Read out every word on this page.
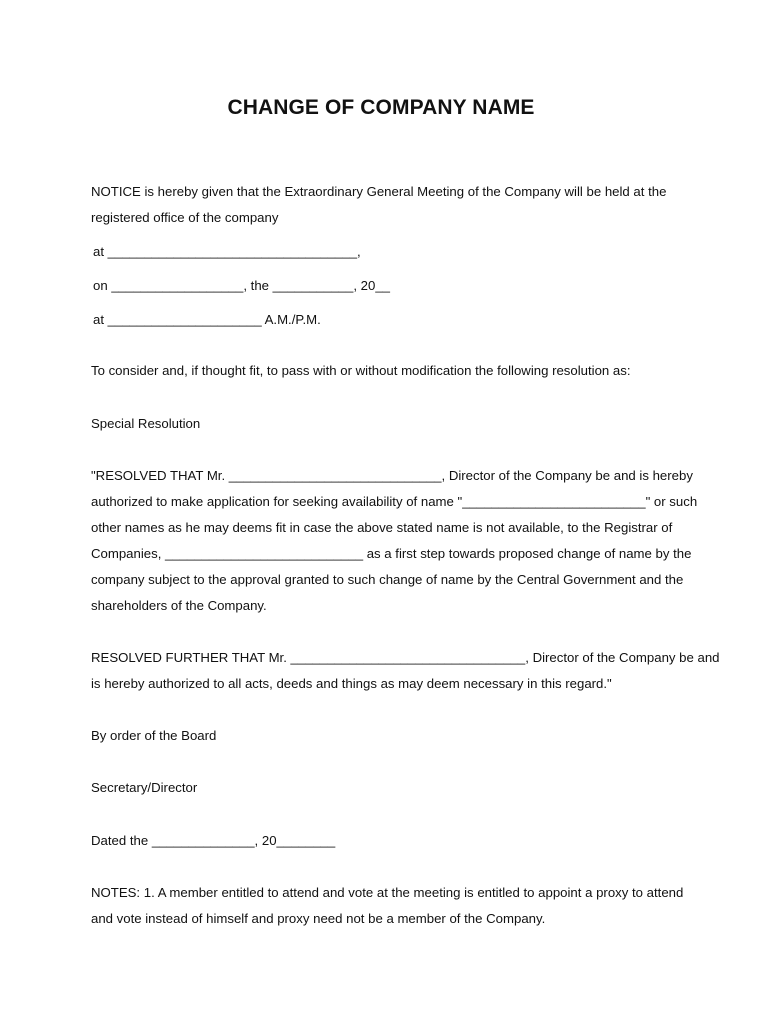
CHANGE OF COMPANY NAME
NOTICE is hereby given that the Extraordinary General Meeting of the Company will be held at the
registered office of the company
at __________________________________,
on __________________, the ___________, 20__
at _____________________ A.M./P.M.
To consider and, if thought fit, to pass with or without modification the following resolution as:
Special Resolution
"RESOLVED THAT Mr. _____________________________, Director of the Company be and is hereby
authorized to make application for seeking availability of name "_________________________" or such
other names as he may deems fit in case the above stated name is not available, to the Registrar of
Companies, ___________________________ as a first step towards proposed change of name by the
company subject to the approval granted to such change of name by the Central Government and the
shareholders of the Company.
RESOLVED FURTHER THAT Mr. ________________________________, Director of the Company be and
is hereby authorized to all acts, deeds and things as may deem necessary in this regard."
By order of the Board
Secretary/Director
Dated the ______________, 20________
NOTES: 1. A member entitled to attend and vote at the meeting is entitled to appoint a proxy to attend
and vote instead of himself and proxy need not be a member of the Company.
